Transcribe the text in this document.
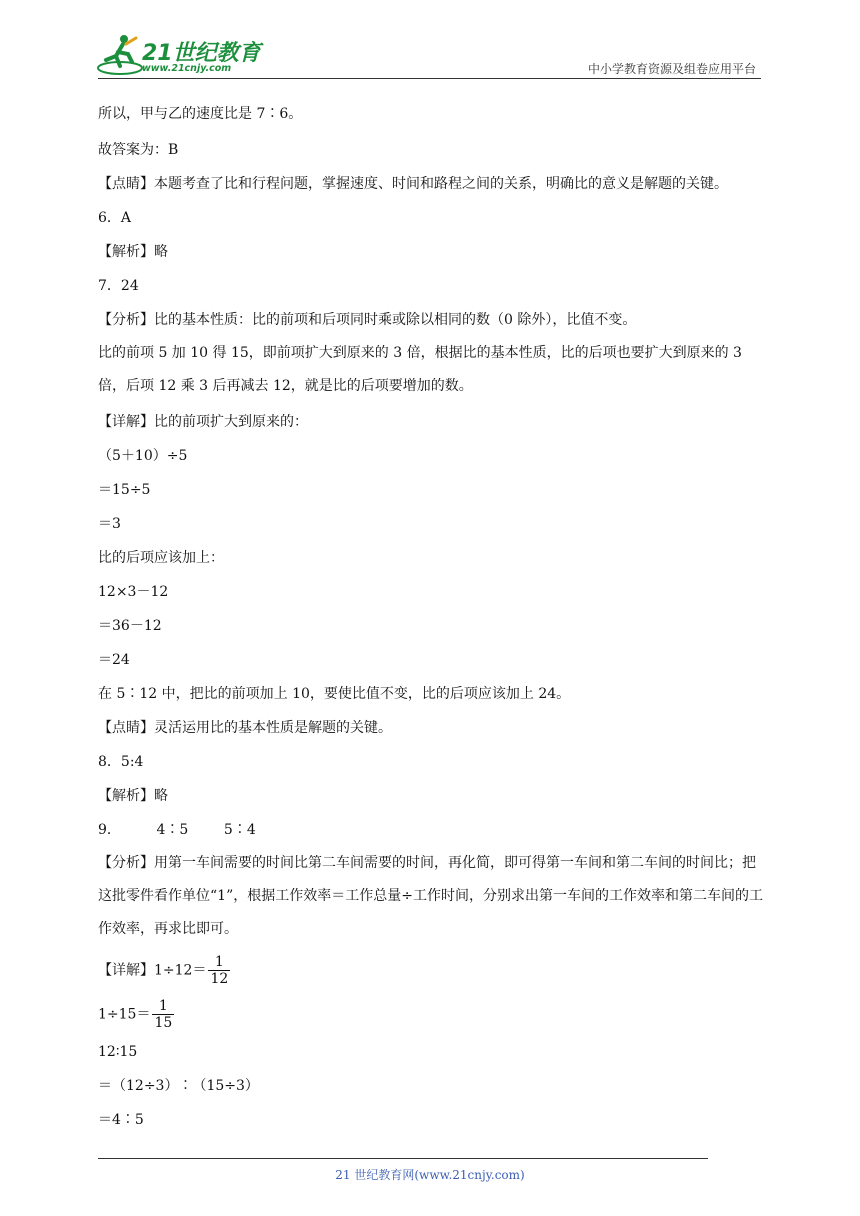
21世纪教育
www.21cnjy.com	中小学教育资源及组卷应用平台

所以，甲与乙的速度比是 7∶6。

故答案为：B

【点睛】本题考查了比和行程问题，掌握速度、时间和路程之间的关系，明确比的意义是解题的关键。

6．A

【解析】略

7．24

【分析】比的基本性质：比的前项和后项同时乘或除以相同的数（0 除外），比值不变。

比的前项 5 加 10 得 15，即前项扩大到原来的 3 倍，根据比的基本性质，比的后项也要扩大到原来的 3 倍，后项 12 乘 3 后再减去 12，就是比的后项要增加的数。

【详解】比的前项扩大到原来的：

（5＋10）÷5

＝15÷5

＝3

比的后项应该加上：

12×3－12

＝36－12

＝24

在 5∶12 中，把比的前项加上 10，要使比值不变，比的后项应该加上 24。

【点睛】灵活运用比的基本性质是解题的关键。

8．5:4

【解析】略

9．        4∶5        5∶4

【分析】用第一车间需要的时间比第二车间需要的时间，再化简，即可得第一车间和第二车间的时间比；把这批零件看作单位“1”，根据工作效率＝工作总量÷工作时间，分别求出第一车间的工作效率和第二车间的工作效率，再求比即可。

【详解】$1\div 12= \frac{1}{12}$

$1\div 15= \frac{1}{15}$

12∶15

＝（12÷3）∶（15÷3）

＝4∶5

21 世纪教育网(www.21cnjy.com)
